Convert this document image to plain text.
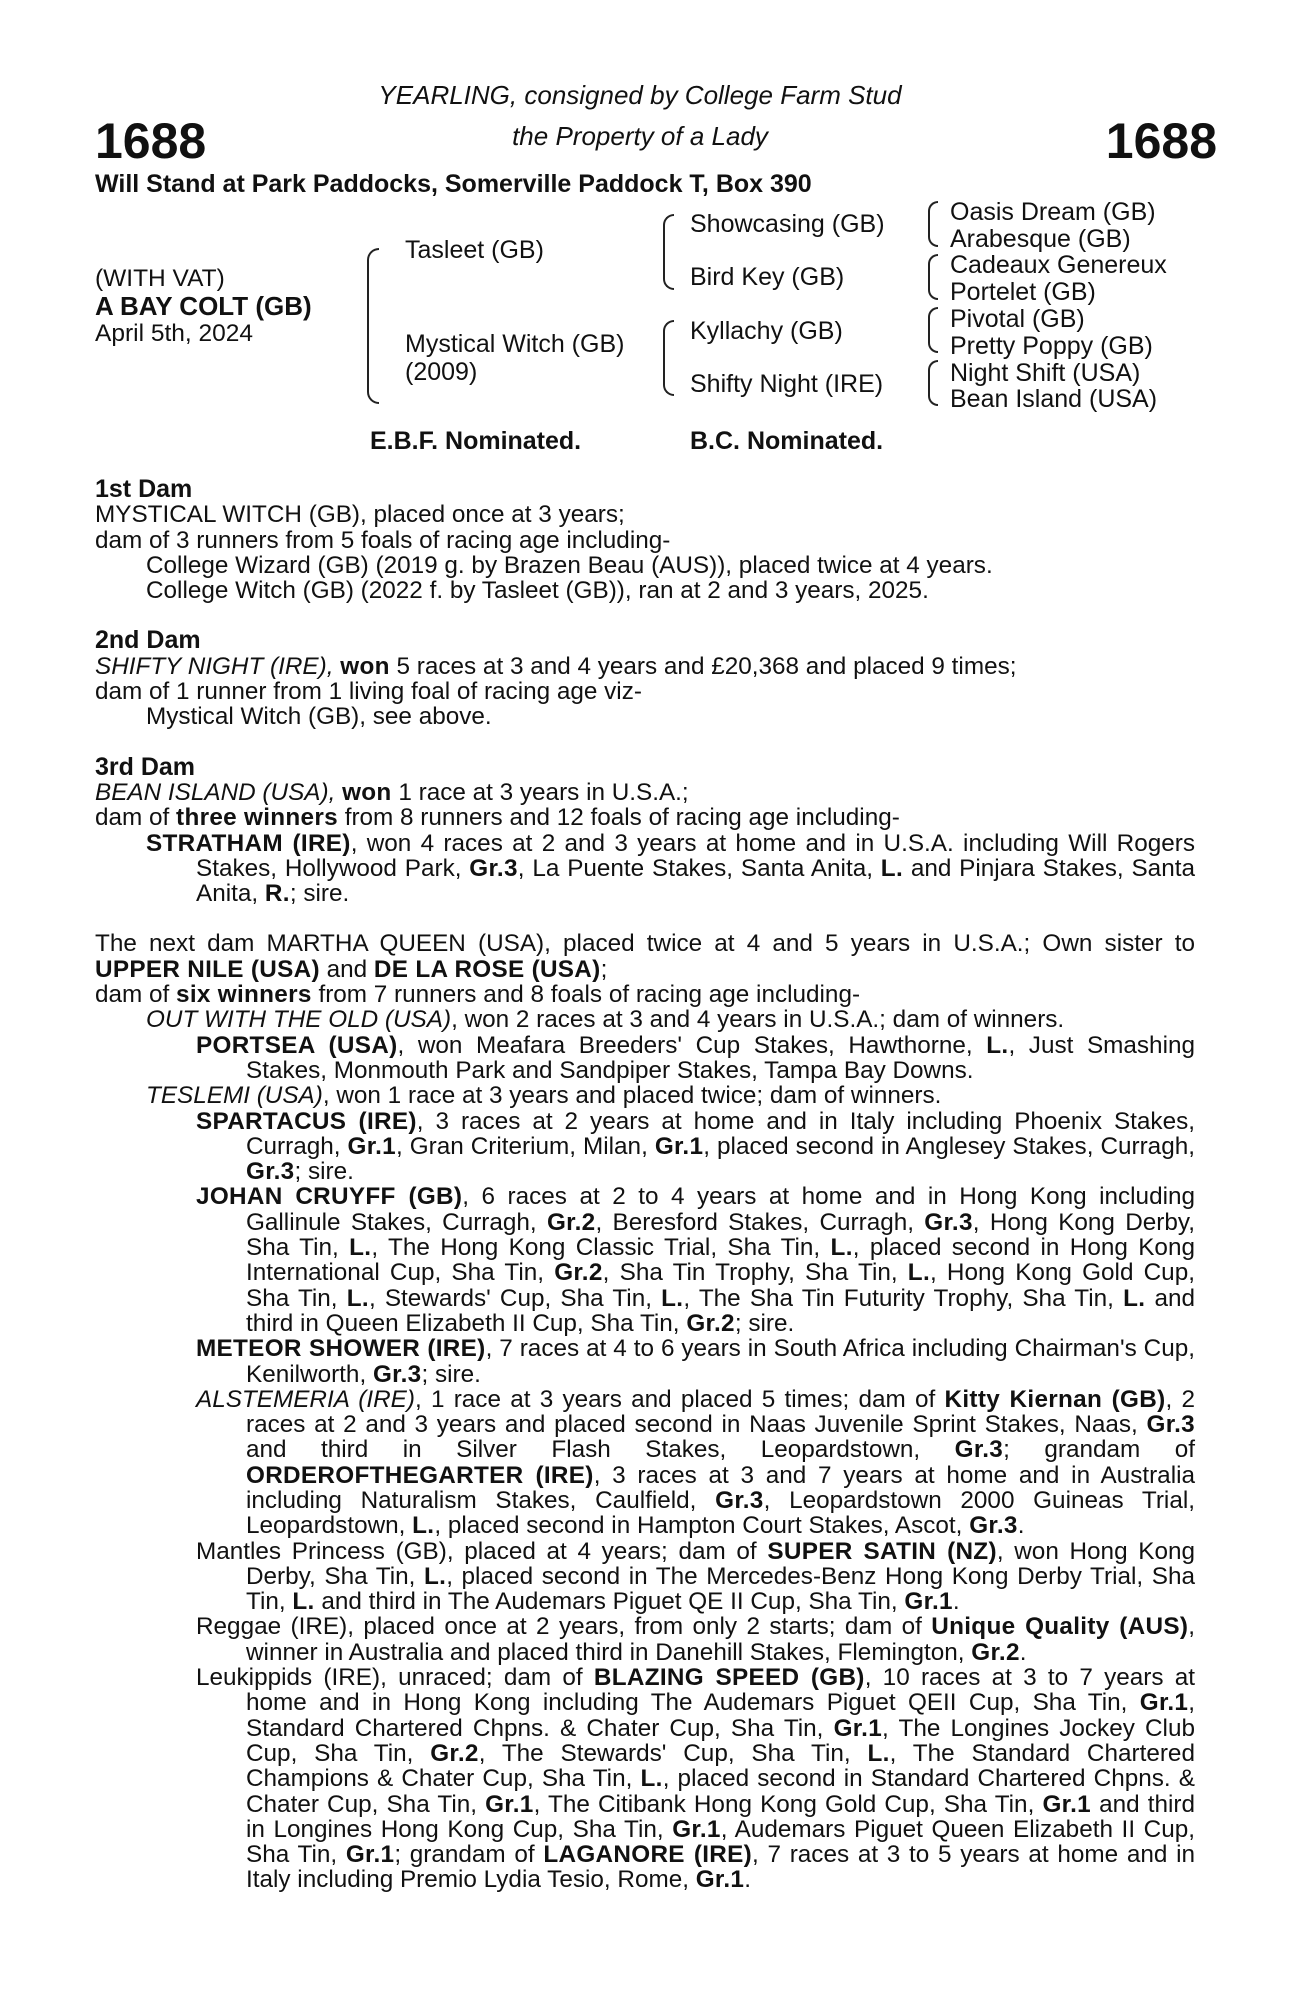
1688	1688
YEARLING, consigned by College Farm Stud
the Property of a Lady
Will Stand at Park Paddocks, Somerville Paddock T, Box 390
(WITH VAT)
A BAY COLT (GB)
April 5th, 2024
Tasleet (GB)
Mystical Witch (GB)
(2009)
Showcasing (GB)
Bird Key (GB)
Kyllachy (GB)
Shifty Night (IRE)
Oasis Dream (GB)
Arabesque (GB)
Cadeaux Genereux
Portelet (GB)
Pivotal (GB)
Pretty Poppy (GB)
Night Shift (USA)
Bean Island (USA)
E.B.F. Nominated.	B.C. Nominated.

1st Dam

MYSTICAL WITCH (GB), placed once at 3 years;

dam of 3 runners from 5 foals of racing age including-

College Wizard (GB) (2019 g. by Brazen Beau (AUS)), placed twice at 4 years.

College Witch (GB) (2022 f. by Tasleet (GB)), ran at 2 and 3 years, 2025.

2nd Dam

SHIFTY NIGHT (IRE), won 5 races at 3 and 4 years and £20,368 and placed 9 times;

dam of 1 runner from 1 living foal of racing age viz-

Mystical Witch (GB), see above.

3rd Dam

BEAN ISLAND (USA), won 1 race at 3 years in U.S.A.;

dam of three winners from 8 runners and 12 foals of racing age including-

STRATHAM (IRE), won 4 races at 2 and 3 years at home and in U.S.A. including Will Rogers Stakes, Hollywood Park, Gr.3, La Puente Stakes, Santa Anita, L. and Pinjara Stakes, Santa Anita, R.; sire.

The next dam MARTHA QUEEN (USA), placed twice at 4 and 5 years in U.S.A.; Own sister to UPPER NILE (USA) and DE LA ROSE (USA);

dam of six winners from 7 runners and 8 foals of racing age including-

OUT WITH THE OLD (USA), won 2 races at 3 and 4 years in U.S.A.; dam of winners.

PORTSEA (USA), won Meafara Breeders' Cup Stakes, Hawthorne, L., Just Smashing Stakes, Monmouth Park and Sandpiper Stakes, Tampa Bay Downs.

TESLEMI (USA), won 1 race at 3 years and placed twice; dam of winners.

SPARTACUS (IRE), 3 races at 2 years at home and in Italy including Phoenix Stakes, Curragh, Gr.1, Gran Criterium, Milan, Gr.1, placed second in Anglesey Stakes, Curragh, Gr.3; sire.

JOHAN CRUYFF (GB), 6 races at 2 to 4 years at home and in Hong Kong including Gallinule Stakes, Curragh, Gr.2, Beresford Stakes, Curragh, Gr.3, Hong Kong Derby, Sha Tin, L., The Hong Kong Classic Trial, Sha Tin, L., placed second in Hong Kong International Cup, Sha Tin, Gr.2, Sha Tin Trophy, Sha Tin, L., Hong Kong Gold Cup, Sha Tin, L., Stewards' Cup, Sha Tin, L., The Sha Tin Futurity Trophy, Sha Tin, L. and third in Queen Elizabeth II Cup, Sha Tin, Gr.2; sire.

METEOR SHOWER (IRE), 7 races at 4 to 6 years in South Africa including Chairman's Cup, Kenilworth, Gr.3; sire.

ALSTEMERIA (IRE), 1 race at 3 years and placed 5 times; dam of Kitty Kiernan (GB), 2 races at 2 and 3 years and placed second in Naas Juvenile Sprint Stakes, Naas, Gr.3 and third in Silver Flash Stakes, Leopardstown, Gr.3; grandam of ORDEROFTHEGARTER (IRE), 3 races at 3 and 7 years at home and in Australia including Naturalism Stakes, Caulfield, Gr.3, Leopardstown 2000 Guineas Trial, Leopardstown, L., placed second in Hampton Court Stakes, Ascot, Gr.3.

Mantles Princess (GB), placed at 4 years; dam of SUPER SATIN (NZ), won Hong Kong Derby, Sha Tin, L., placed second in The Mercedes-Benz Hong Kong Derby Trial, Sha Tin, L. and third in The Audemars Piguet QE II Cup, Sha Tin, Gr.1.

Reggae (IRE), placed once at 2 years, from only 2 starts; dam of Unique Quality (AUS), winner in Australia and placed third in Danehill Stakes, Flemington, Gr.2.

Leukippids (IRE), unraced; dam of BLAZING SPEED (GB), 10 races at 3 to 7 years at home and in Hong Kong including The Audemars Piguet QEII Cup, Sha Tin, Gr.1, Standard Chartered Chpns. & Chater Cup, Sha Tin, Gr.1, The Longines Jockey Club Cup, Sha Tin, Gr.2, The Stewards' Cup, Sha Tin, L., The Standard Chartered Champions & Chater Cup, Sha Tin, L., placed second in Standard Chartered Chpns. & Chater Cup, Sha Tin, Gr.1, The Citibank Hong Kong Gold Cup, Sha Tin, Gr.1 and third in Longines Hong Kong Cup, Sha Tin, Gr.1, Audemars Piguet Queen Elizabeth II Cup, Sha Tin, Gr.1; grandam of LAGANORE (IRE), 7 races at 3 to 5 years at home and in Italy including Premio Lydia Tesio, Rome, Gr.1.
